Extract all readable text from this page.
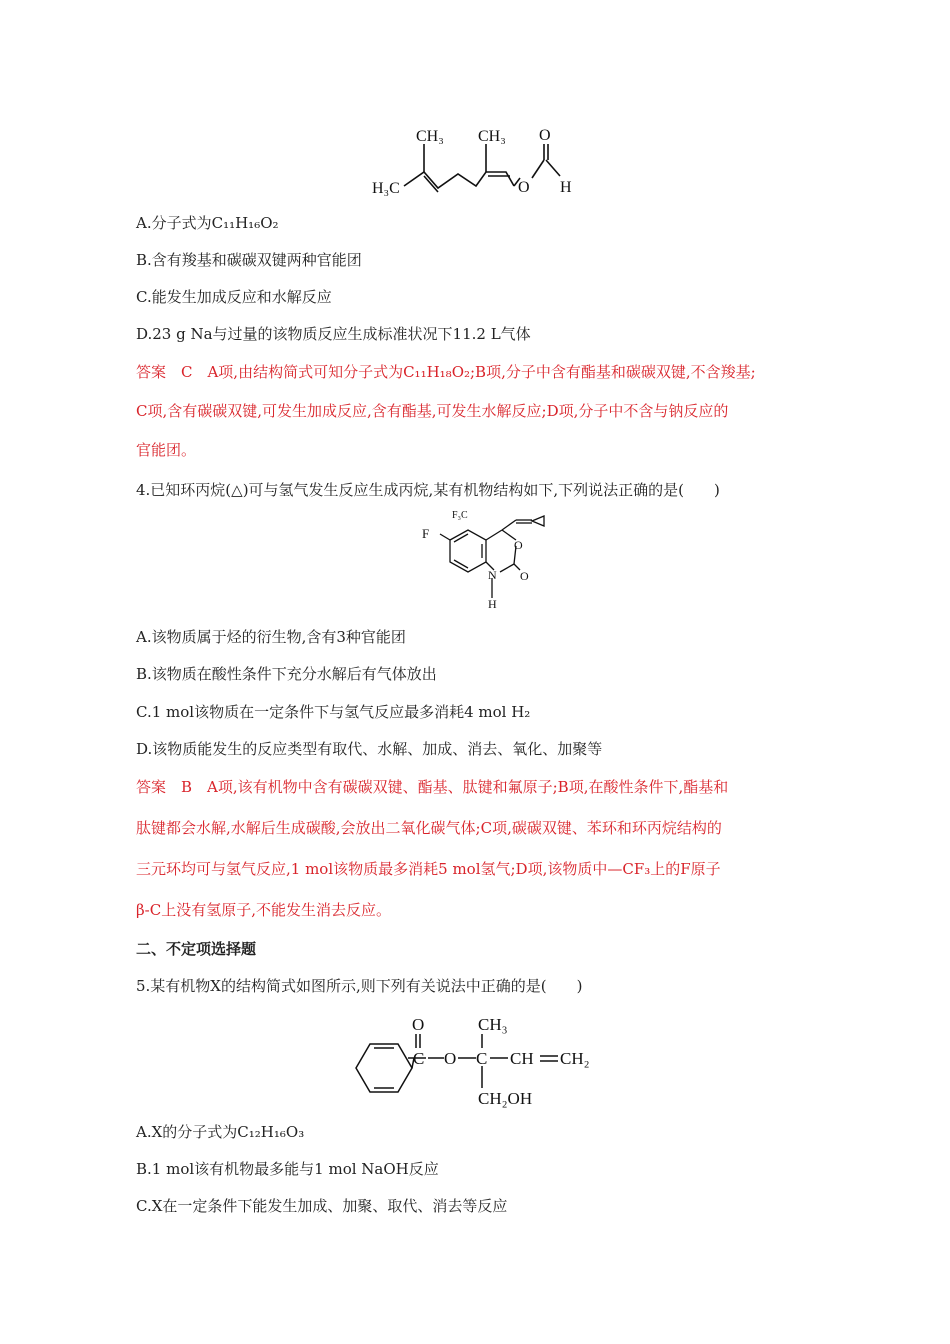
CH₃ CH₃ O
H₃C	O H
A.分子式为C₁₁H₁₆O₂
B.含有羧基和碳碳双键两种官能团
C.能发生加成反应和水解反应
D.23 g Na与过量的该物质反应生成标准状况下11.2 L气体
答案　C　A项,由结构简式可知分子式为C₁₁H₁₈O₂;B项,分子中含有酯基和碳碳双键,不含羧基;
C项,含有碳碳双键,可发生加成反应,含有酯基,可发生水解反应;D项,分子中不含与钠反应的
官能团。
4.已知环丙烷(△)可与氢气发生反应生成丙烷,某有机物结构如下,下列说法正确的是(　　)
F₃C
F
O
N O
H
A.该物质属于烃的衍生物,含有3种官能团
B.该物质在酸性条件下充分水解后有气体放出
C.1 mol该物质在一定条件下与氢气反应最多消耗4 mol H₂
D.该物质能发生的反应类型有取代、水解、加成、消去、氧化、加聚等
答案　B　A项,该有机物中含有碳碳双键、酯基、肽键和氟原子;B项,在酸性条件下,酯基和
肽键都会水解,水解后生成碳酸,会放出二氧化碳气体;C项,碳碳双键、苯环和环丙烷结构的
三元环均可与氢气反应,1 mol该物质最多消耗5 mol氢气;D项,该物质中—CF₃上的F原子
β-C上没有氢原子,不能发生消去反应。
二、不定项选择题
5.某有机物X的结构简式如图所示,则下列有关说法中正确的是(　　)
O
C O C
CH₃
CH CH₂
CH₂OH
A.X的分子式为C₁₂H₁₆O₃
B.1 mol该有机物最多能与1 mol NaOH反应
C.X在一定条件下能发生加成、加聚、取代、消去等反应
